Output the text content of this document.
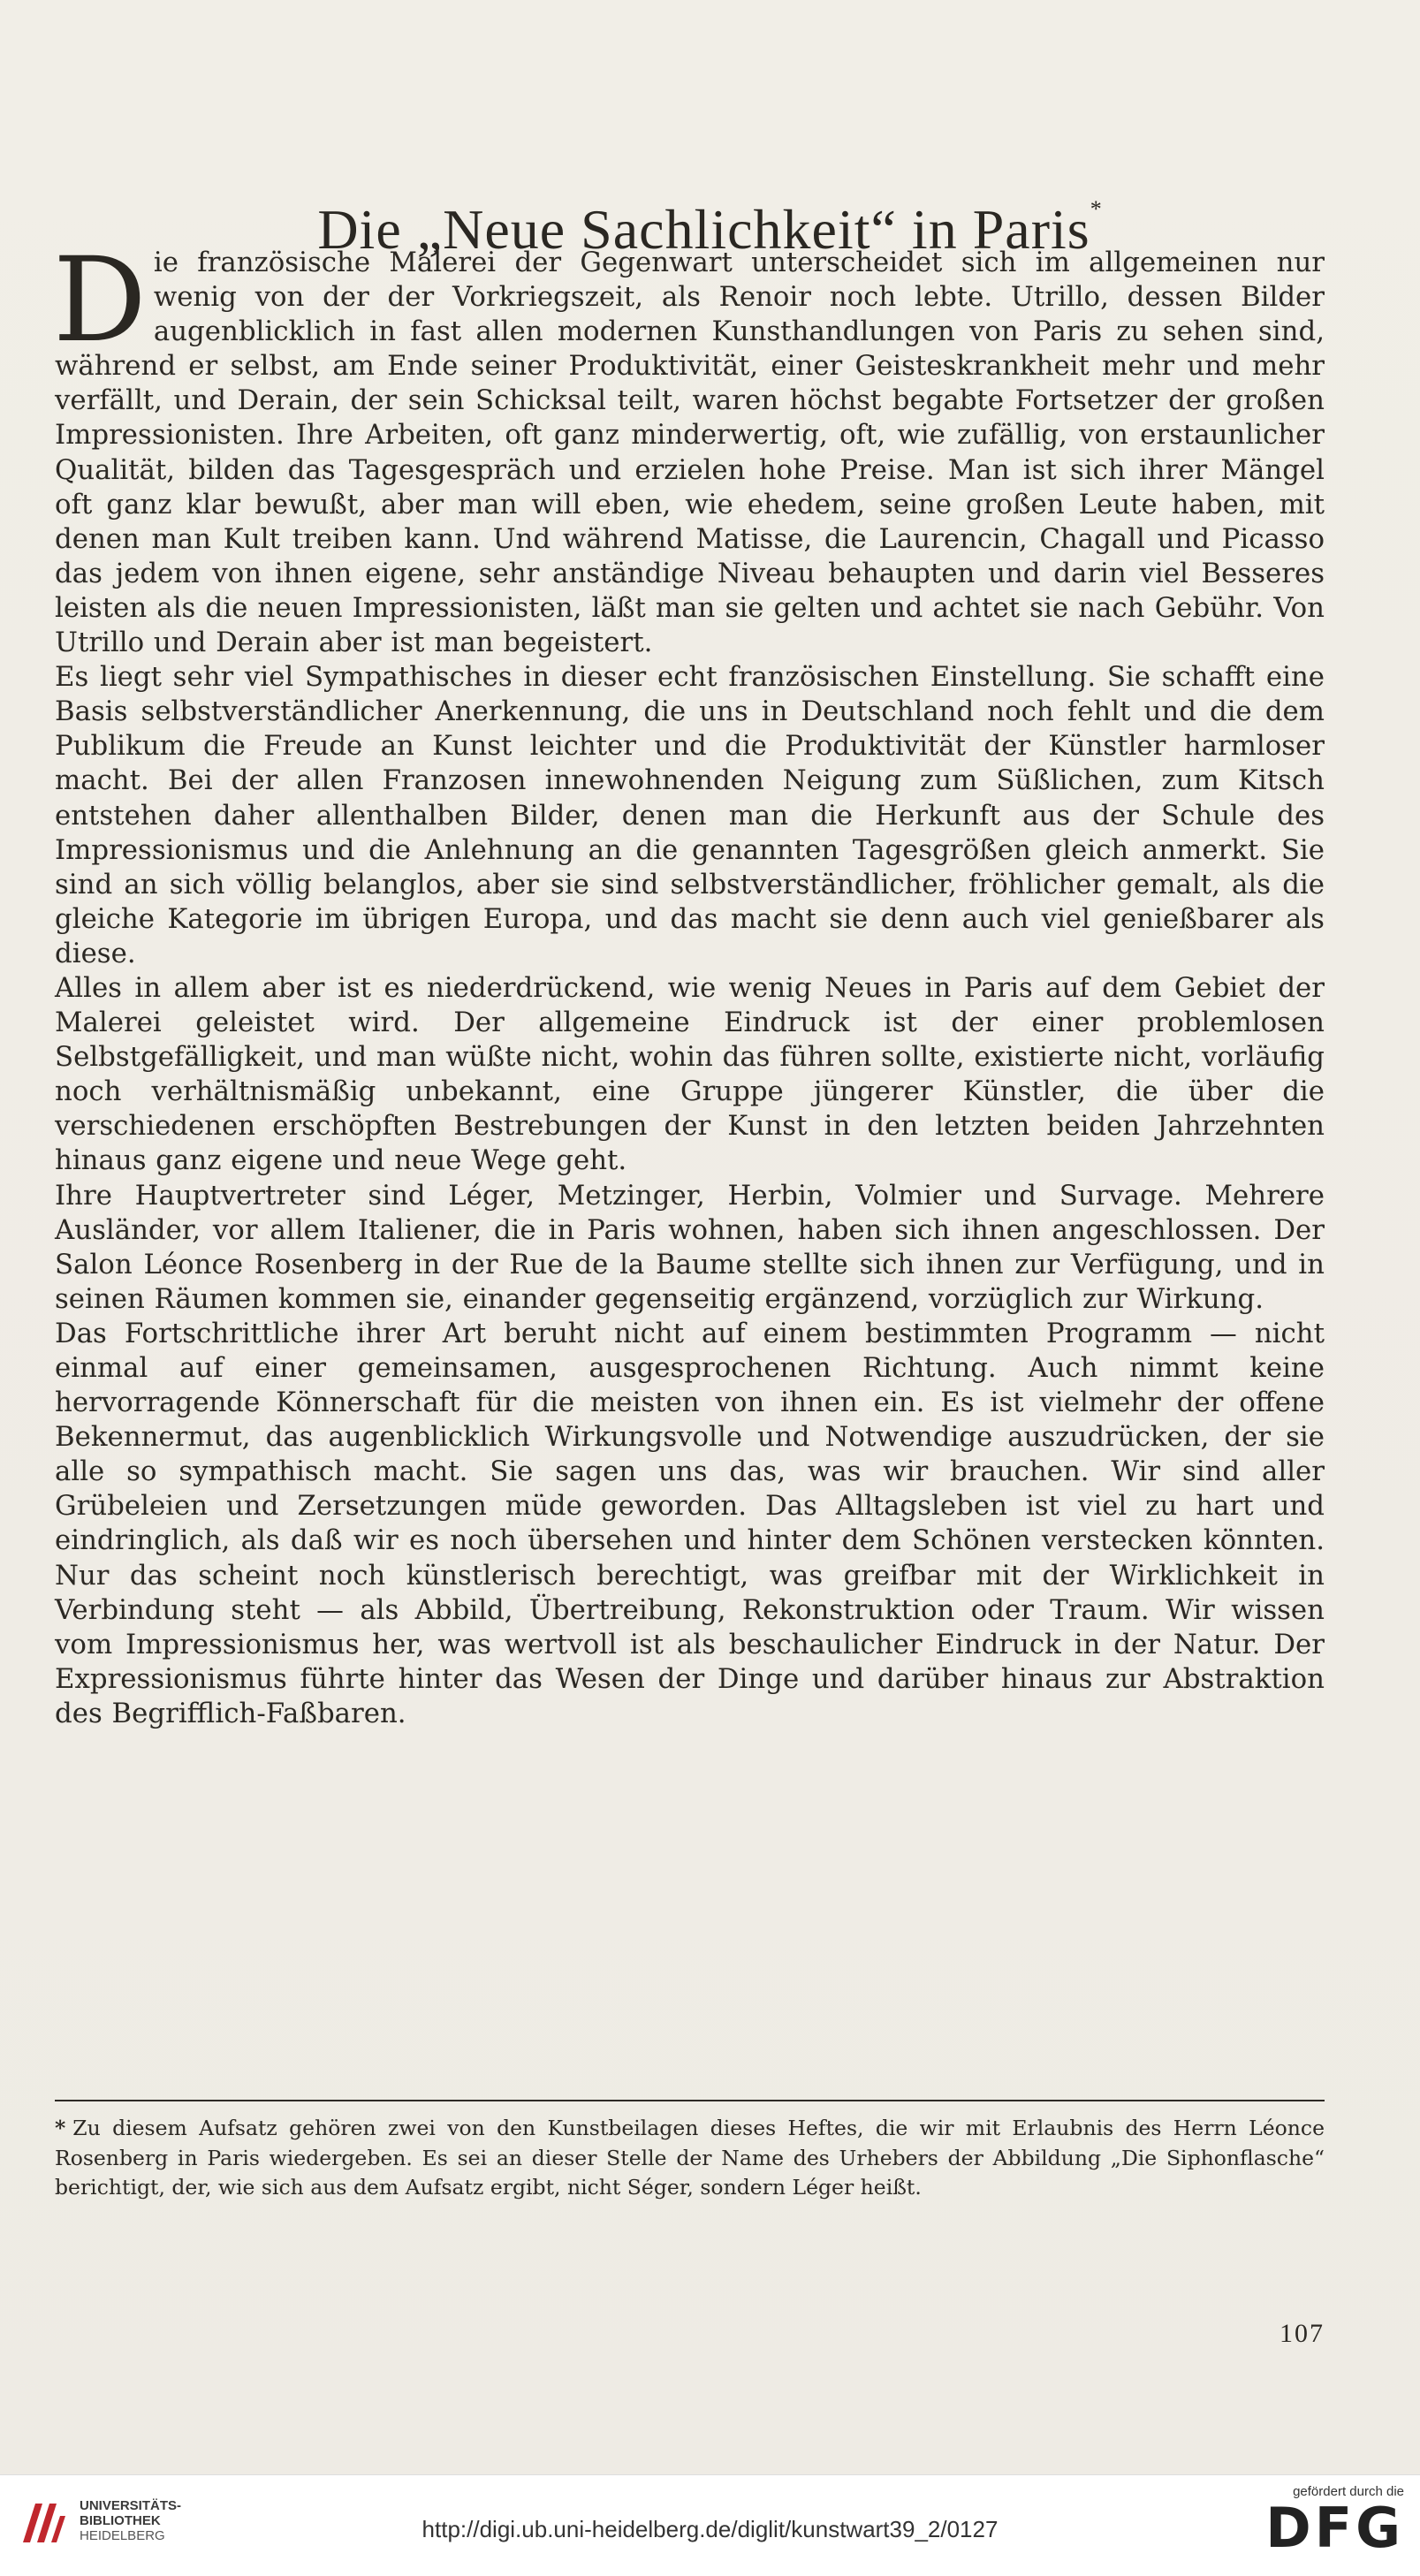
Die „Neue Sachlichkeit“ in Paris*

Die französische Malerei der Gegenwart unterscheidet sich im allgemeinen nur wenig von der der Vorkriegszeit, als Renoir noch lebte. Utrillo, dessen Bilder augenblicklich in fast allen modernen Kunsthandlungen von Paris zu sehen sind, während er selbst, am Ende seiner Produktivität, einer Geisteskrankheit mehr und mehr verfällt, und Derain, der sein Schicksal teilt, waren höchst begabte Fortsetzer der großen Impressionisten. Ihre Arbeiten, oft ganz minderwertig, oft, wie zufällig, von erstaunlicher Qualität, bilden das Tagesgespräch und erzielen hohe Preise. Man ist sich ihrer Mängel oft ganz klar bewußt, aber man will eben, wie ehedem, seine großen Leute haben, mit denen man Kult treiben kann. Und während Matisse, die Laurencin, Chagall und Picasso das jedem von ihnen eigene, sehr anständige Niveau behaupten und darin viel Besseres leisten als die neuen Impressionisten, läßt man sie gelten und achtet sie nach Gebühr. Von Utrillo und Derain aber ist man begeistert.

Es liegt sehr viel Sympathisches in dieser echt französischen Einstellung. Sie schafft eine Basis selbstverständlicher Anerkennung, die uns in Deutschland noch fehlt und die dem Publikum die Freude an Kunst leichter und die Produktivität der Künstler harmloser macht. Bei der allen Franzosen innewohnenden Neigung zum Süßlichen, zum Kitsch entstehen daher allenthalben Bilder, denen man die Herkunft aus der Schule des Impressionismus und die Anlehnung an die genannten Tagesgrößen gleich anmerkt. Sie sind an sich völlig belanglos, aber sie sind selbstverständlicher, fröhlicher gemalt, als die gleiche Kategorie im übrigen Europa, und das macht sie denn auch viel genießbarer als diese.

Alles in allem aber ist es niederdrückend, wie wenig Neues in Paris auf dem Gebiet der Malerei geleistet wird. Der allgemeine Eindruck ist der einer problemlosen Selbstgefälligkeit, und man wüßte nicht, wohin das führen sollte, existierte nicht, vorläufig noch verhältnismäßig unbekannt, eine Gruppe jüngerer Künstler, die über die verschiedenen erschöpften Bestrebungen der Kunst in den letzten beiden Jahrzehnten hinaus ganz eigene und neue Wege geht.

Ihre Hauptvertreter sind Léger, Metzinger, Herbin, Volmier und Survage. Mehrere Ausländer, vor allem Italiener, die in Paris wohnen, haben sich ihnen angeschlossen. Der Salon Léonce Rosenberg in der Rue de la Baume stellte sich ihnen zur Verfügung, und in seinen Räumen kommen sie, einander gegenseitig ergänzend, vorzüglich zur Wirkung.

Das Fortschrittliche ihrer Art beruht nicht auf einem bestimmten Programm — nicht einmal auf einer gemeinsamen, ausgesprochenen Richtung. Auch nimmt keine hervorragende Könnerschaft für die meisten von ihnen ein. Es ist vielmehr der offene Bekennermut, das augenblicklich Wirkungsvolle und Notwendige auszudrücken, der sie alle so sympathisch macht. Sie sagen uns das, was wir brauchen. Wir sind aller Grübeleien und Zersetzungen müde geworden. Das Alltagsleben ist viel zu hart und eindringlich, als daß wir es noch übersehen und hinter dem Schönen verstecken könnten. Nur das scheint noch künstlerisch berechtigt, was greifbar mit der Wirklichkeit in Verbindung steht — als Abbild, Übertreibung, Rekonstruktion oder Traum. Wir wissen vom Impressionismus her, was wertvoll ist als beschaulicher Eindruck in der Natur. Der Expressionismus führte hinter das Wesen der Dinge und darüber hinaus zur Abstraktion des Begrifflich-Faßbaren.

* Zu diesem Aufsatz gehören zwei von den Kunstbeilagen dieses Heftes, die wir mit Erlaubnis des Herrn Léonce Rosenberg in Paris wiedergeben. Es sei an dieser Stelle der Name des Urhebers der Abbildung „Die Siphonflasche“ berichtigt, der, wie sich aus dem Aufsatz ergibt, nicht Séger, sondern Léger heißt.
107
UNIVERSITÄTS-
BIBLIOTHEK
HEIDELBERG	http://digi.ub.uni-heidelberg.de/diglit/kunstwart39_2/0127
gefördert durch die
DFG
